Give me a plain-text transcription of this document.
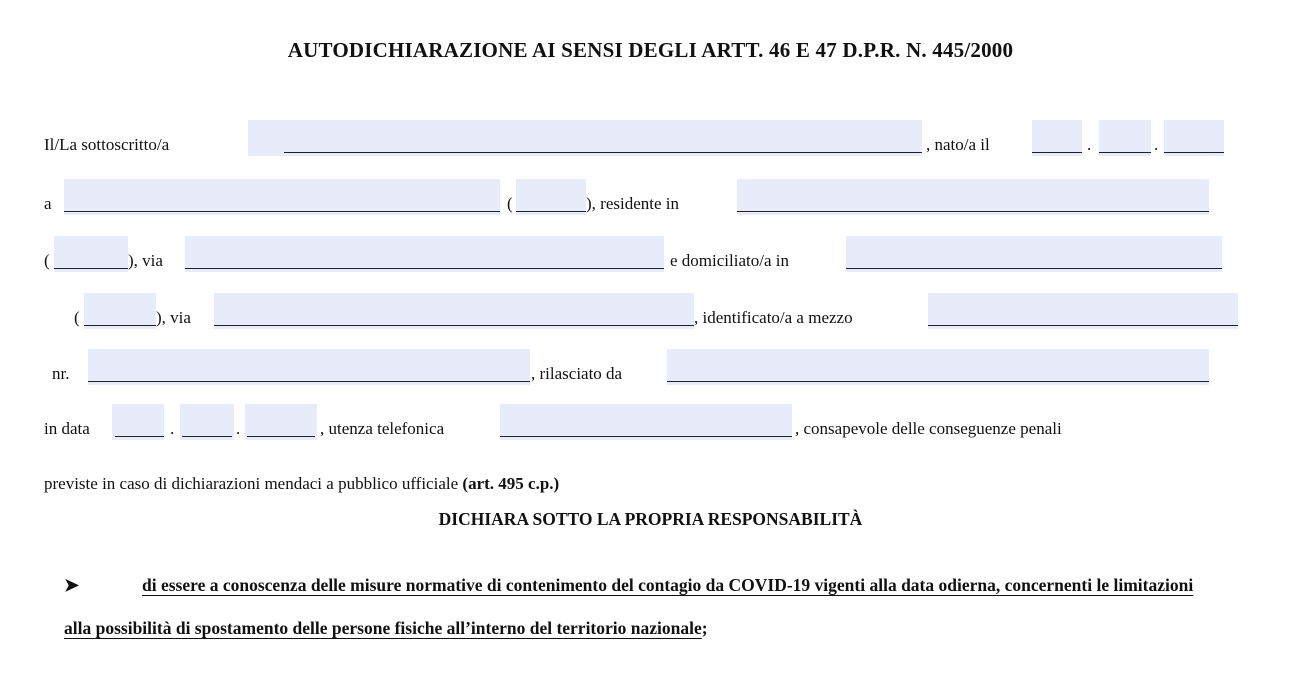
AUTODICHIARAZIONE AI SENSI DEGLI ARTT. 46 E 47 D.P.R. N. 445/2000
Il/La sottoscritto/a	, nato/a il	.	.
a	(	), residente in
(	), via	e domiciliato/a in
(	), via	, identificato/a a mezzo
nr.	, rilasciato da
in data	.	.	, utenza telefonica	, consapevole delle conseguenze penali
previste in caso di dichiarazioni mendaci a pubblico ufficiale (art. 495 c.p.)
DICHIARA SOTTO LA PROPRIA RESPONSABILITÀ
➤	di essere a conoscenza delle misure normative di contenimento del contagio da COVID-19 vigenti alla data odierna, concernenti le limitazioni alla possibilità di spostamento delle persone fisiche all’interno del territorio nazionale;
